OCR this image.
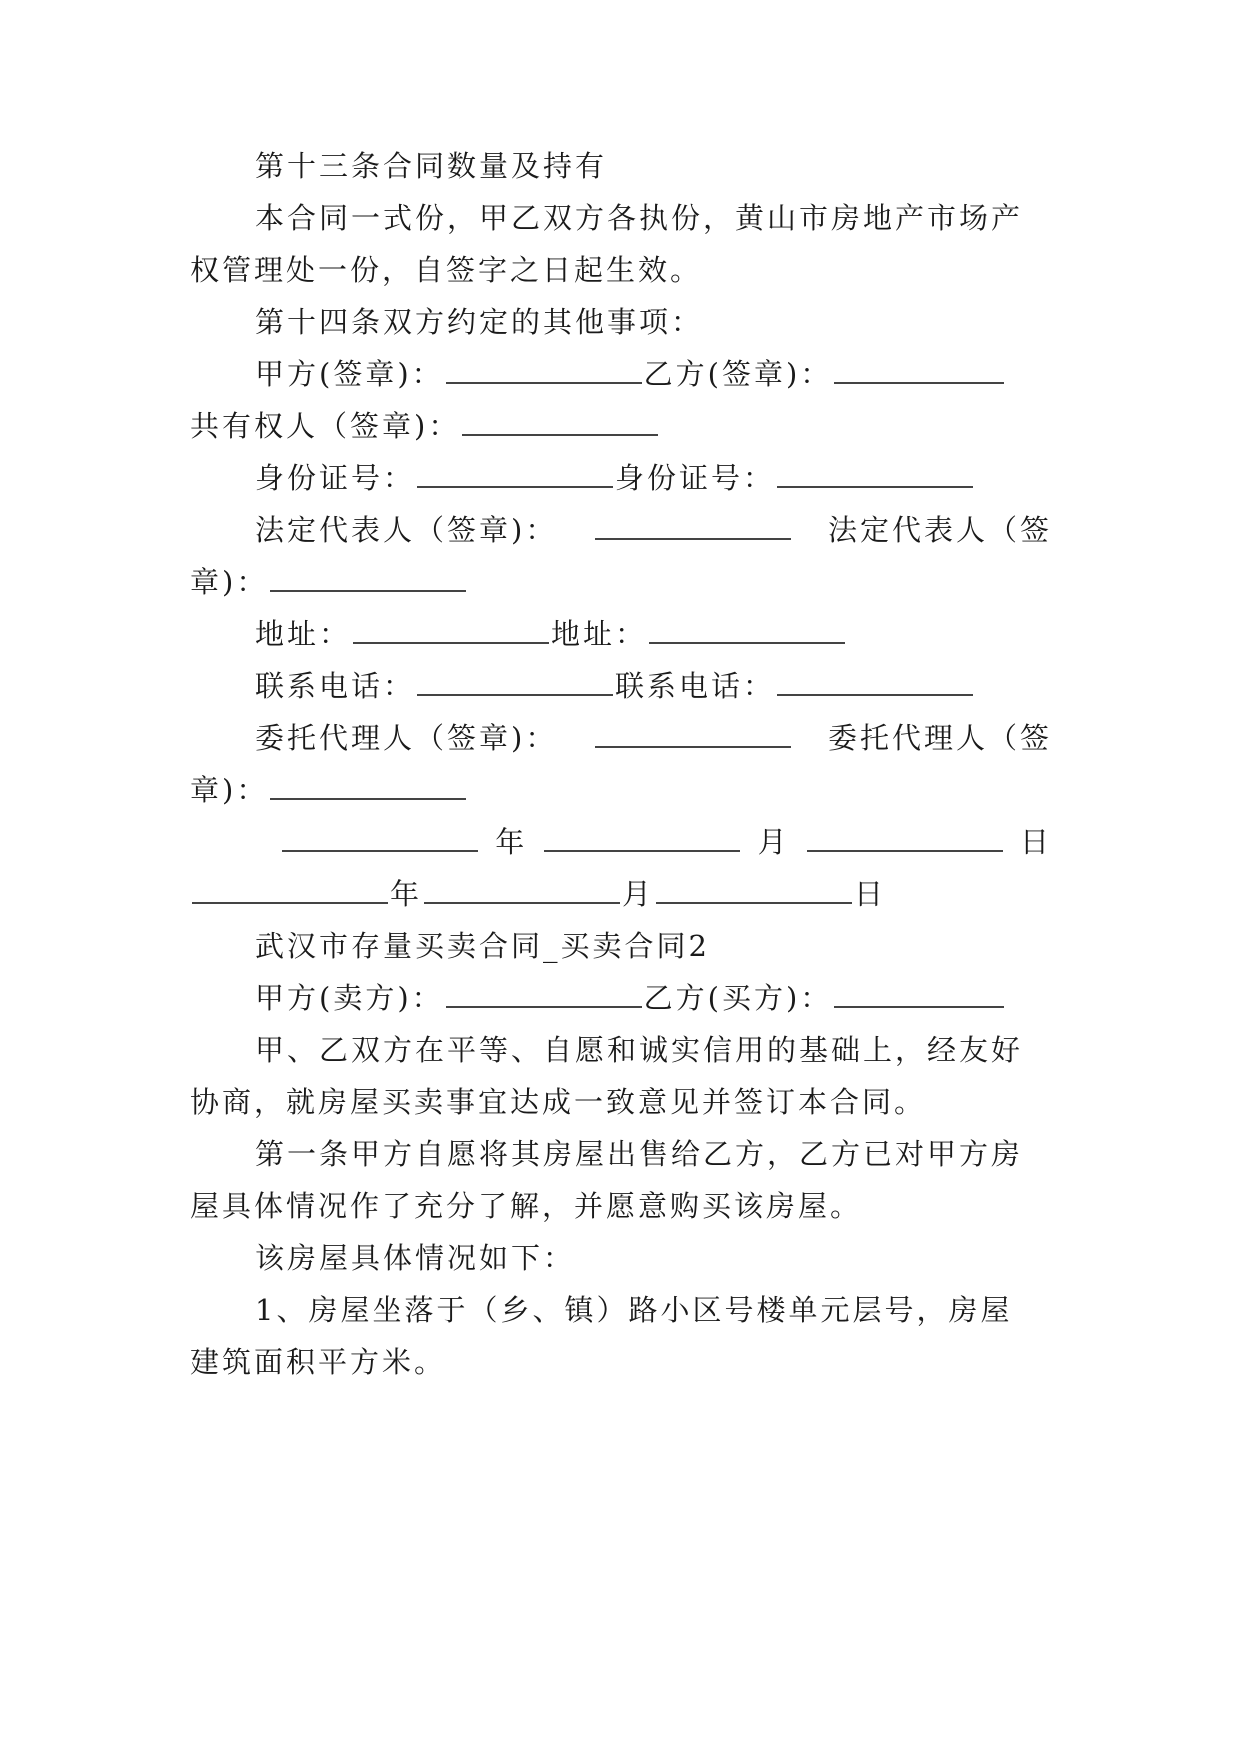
第十三条合同数量及持有
本合同一式份，甲乙双方各执份，黄山市房地产市场产
权管理处一份，自签字之日起生效。
第十四条双方约定的其他事项：
甲方(签章)：	乙方(签章)：
共有权人（签章)：
身份证号：	身份证号：
法定代表人（签章)：	法定代表人（签
章)：
地址：	地址：
联系电话：	联系电话：
委托代理人（签章)：	委托代理人（签
章)：
年	月	日
年	月	日
武汉市存量买卖合同_买卖合同2
甲方(卖方)：	乙方(买方)：
甲、乙双方在平等、自愿和诚实信用的基础上，经友好
协商，就房屋买卖事宜达成一致意见并签订本合同。
第一条甲方自愿将其房屋出售给乙方，乙方已对甲方房
屋具体情况作了充分了解，并愿意购买该房屋。
该房屋具体情况如下：
1、房屋坐落于（乡、镇）路小区号楼单元层号，房屋
建筑面积平方米。
